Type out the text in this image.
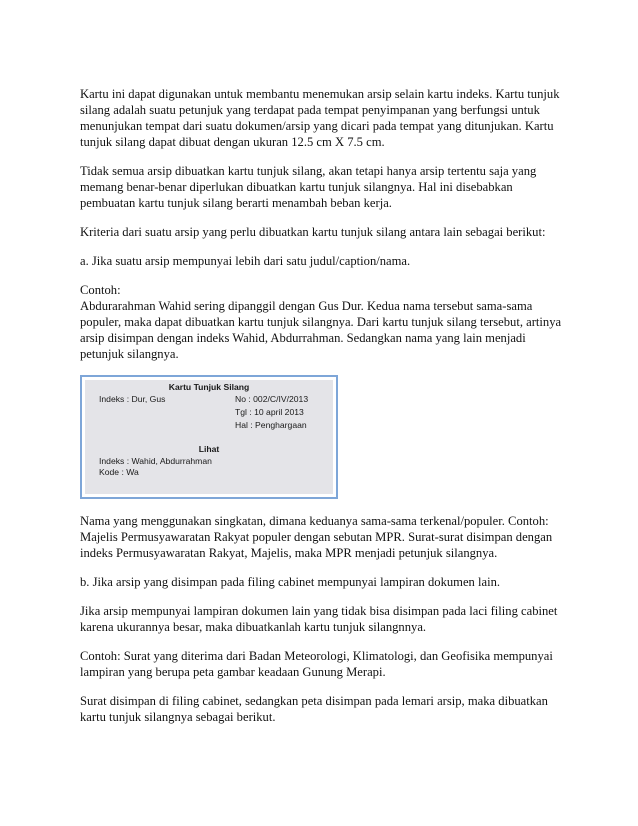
Kartu ini dapat digunakan untuk membantu menemukan arsip selain kartu indeks. Kartu tunjuk silang adalah suatu petunjuk yang terdapat pada tempat penyimpanan yang berfungsi untuk menunjukan tempat dari suatu dokumen/arsip yang dicari pada tempat yang ditunjukan. Kartu tunjuk silang dapat dibuat dengan ukuran 12.5 cm X 7.5 cm.

Tidak semua arsip dibuatkan kartu tunjuk silang, akan tetapi hanya arsip tertentu saja yang memang benar-benar diperlukan dibuatkan kartu tunjuk silangnya. Hal ini disebabkan pembuatan kartu tunjuk silang berarti menambah beban kerja.

Kriteria dari suatu arsip yang perlu dibuatkan kartu tunjuk silang antara lain sebagai berikut:

a. Jika suatu arsip mempunyai lebih dari satu judul/caption/nama.

Contoh:
Abdurarahman Wahid sering dipanggil dengan Gus Dur. Kedua nama tersebut sama-sama populer, maka dapat dibuatkan kartu tunjuk silangnya. Dari kartu tunjuk silang tersebut, artinya arsip disimpan dengan indeks Wahid, Abdurrahman. Sedangkan nama yang lain menjadi petunjuk silangnya.

Kartu Tunjuk Silang
Indeks : Dur, Gus	No : 002/C/IV/2013
Tgl : 10 april 2013
Hal : Penghargaan
Lihat
Indeks : Wahid, Abdurrahman
Kode : Wa

Nama yang menggunakan singkatan, dimana keduanya sama-sama terkenal/populer. Contoh: Majelis Permusyawaratan Rakyat populer dengan sebutan MPR. Surat-surat disimpan dengan indeks Permusyawaratan Rakyat, Majelis, maka MPR menjadi petunjuk silangnya.

b. Jika arsip yang disimpan pada filing cabinet mempunyai lampiran dokumen lain.

Jika arsip mempunyai lampiran dokumen lain yang tidak bisa disimpan pada laci filing cabinet karena ukurannya besar, maka dibuatkanlah kartu tunjuk silangnnya.

Contoh: Surat yang diterima dari Badan Meteorologi, Klimatologi, dan Geofisika mempunyai lampiran yang berupa peta gambar keadaan Gunung Merapi.

Surat disimpan di filing cabinet, sedangkan peta disimpan pada lemari arsip, maka dibuatkan kartu tunjuk silangnya sebagai berikut.
